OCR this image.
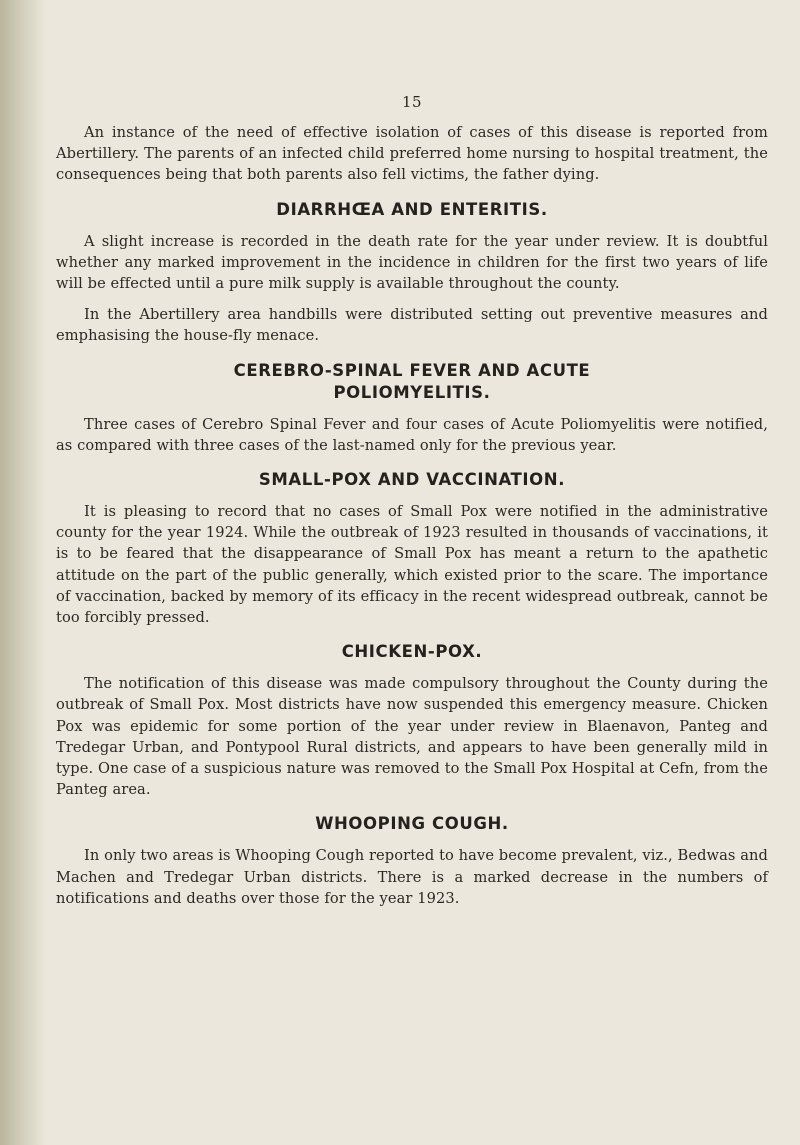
15

An instance of the need of effective isolation of cases of this disease is reported from Abertillery. The parents of an infected child preferred home nursing to hospital treatment, the consequences being that both parents also fell victims, the father dying.

DIARRHŒA AND ENTERITIS.

A slight increase is recorded in the death rate for the year under review. It is doubtful whether any marked improvement in the incidence in children for the first two years of life will be effected until a pure milk supply is available throughout the county.

In the Abertillery area handbills were distributed setting out preventive measures and emphasising the house-fly menace.

CEREBRO-SPINAL FEVER AND ACUTE
POLIOMYELITIS.

Three cases of Cerebro Spinal Fever and four cases of Acute Poliomyelitis were notified, as compared with three cases of the last-named only for the previous year.

SMALL-POX AND VACCINATION.

It is pleasing to record that no cases of Small Pox were notified in the administrative county for the year 1924. While the outbreak of 1923 resulted in thousands of vaccinations, it is to be feared that the disappearance of Small Pox has meant a return to the apathetic attitude on the part of the public generally, which existed prior to the scare. The importance of vaccination, backed by memory of its efficacy in the recent widespread outbreak, cannot be too forcibly pressed.

CHICKEN-POX.

The notification of this disease was made compulsory throughout the County during the outbreak of Small Pox. Most districts have now suspended this emergency measure. Chicken Pox was epidemic for some portion of the year under review in Blaenavon, Panteg and Tredegar Urban, and Pontypool Rural districts, and appears to have been generally mild in type. One case of a suspicious nature was removed to the Small Pox Hospital at Cefn, from the Panteg area.

WHOOPING COUGH.

In only two areas is Whooping Cough reported to have become prevalent, viz., Bedwas and Machen and Tredegar Urban districts. There is a marked decrease in the numbers of notifications and deaths over those for the year 1923.
